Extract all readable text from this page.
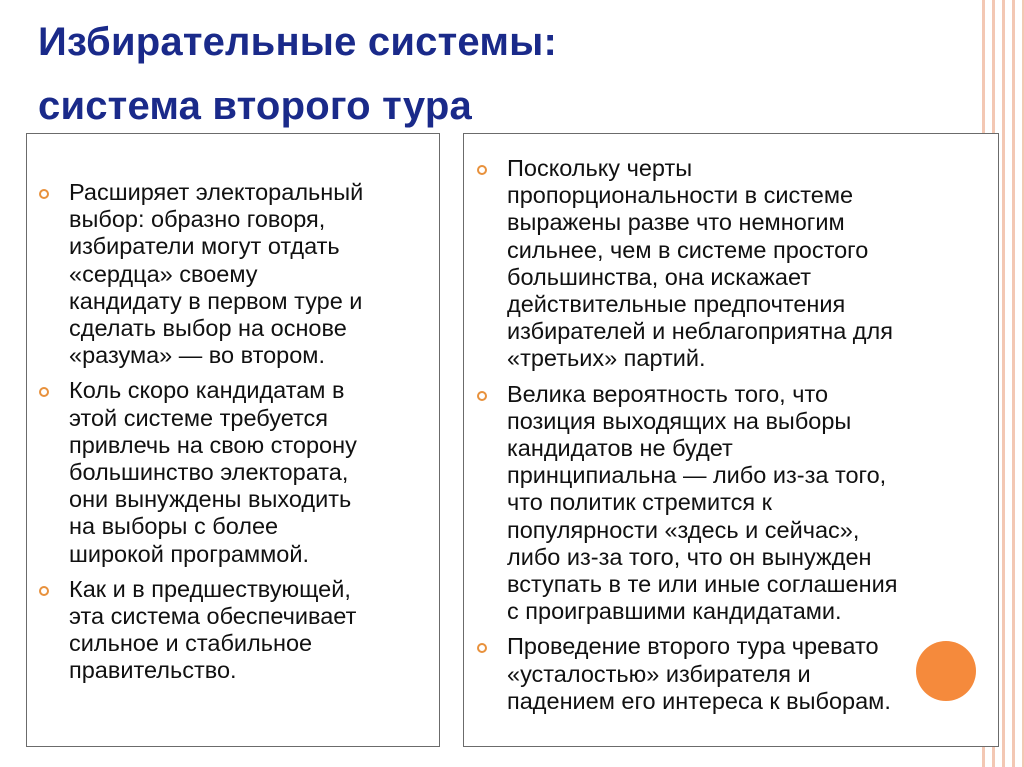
Избирательные системы:
система второго тура
Расширяет электоральный
выбор: образно говоря,
избиратели могут отдать
«сердца» своему
кандидату в первом туре и
сделать выбор на основе
«разума» — во втором.
Коль скоро кандидатам в
этой системе требуется
привлечь на свою сторону
большинство электората,
они вынуждены выходить
на выборы с более
широкой программой.
Как и в предшествующей,
эта система обеспечивает
сильное и стабильное
правительство.
Поскольку черты
пропорциональности в системе
выражены разве что немногим
сильнее, чем в системе простого
большинства, она искажает
действительные предпочтения
избирателей и неблагоприятна для
«третьих» партий.
Велика вероятность того, что
позиция выходящих на выборы
кандидатов не будет
принципиальна — либо из-за того,
что политик стремится к
популярности «здесь и сейчас»,
либо из-за того, что он вынужден
вступать в те или иные соглашения
с проигравшими кандидатами.
Проведение второго тура чревато
«усталостью» избирателя и
падением его интереса к выборам.
